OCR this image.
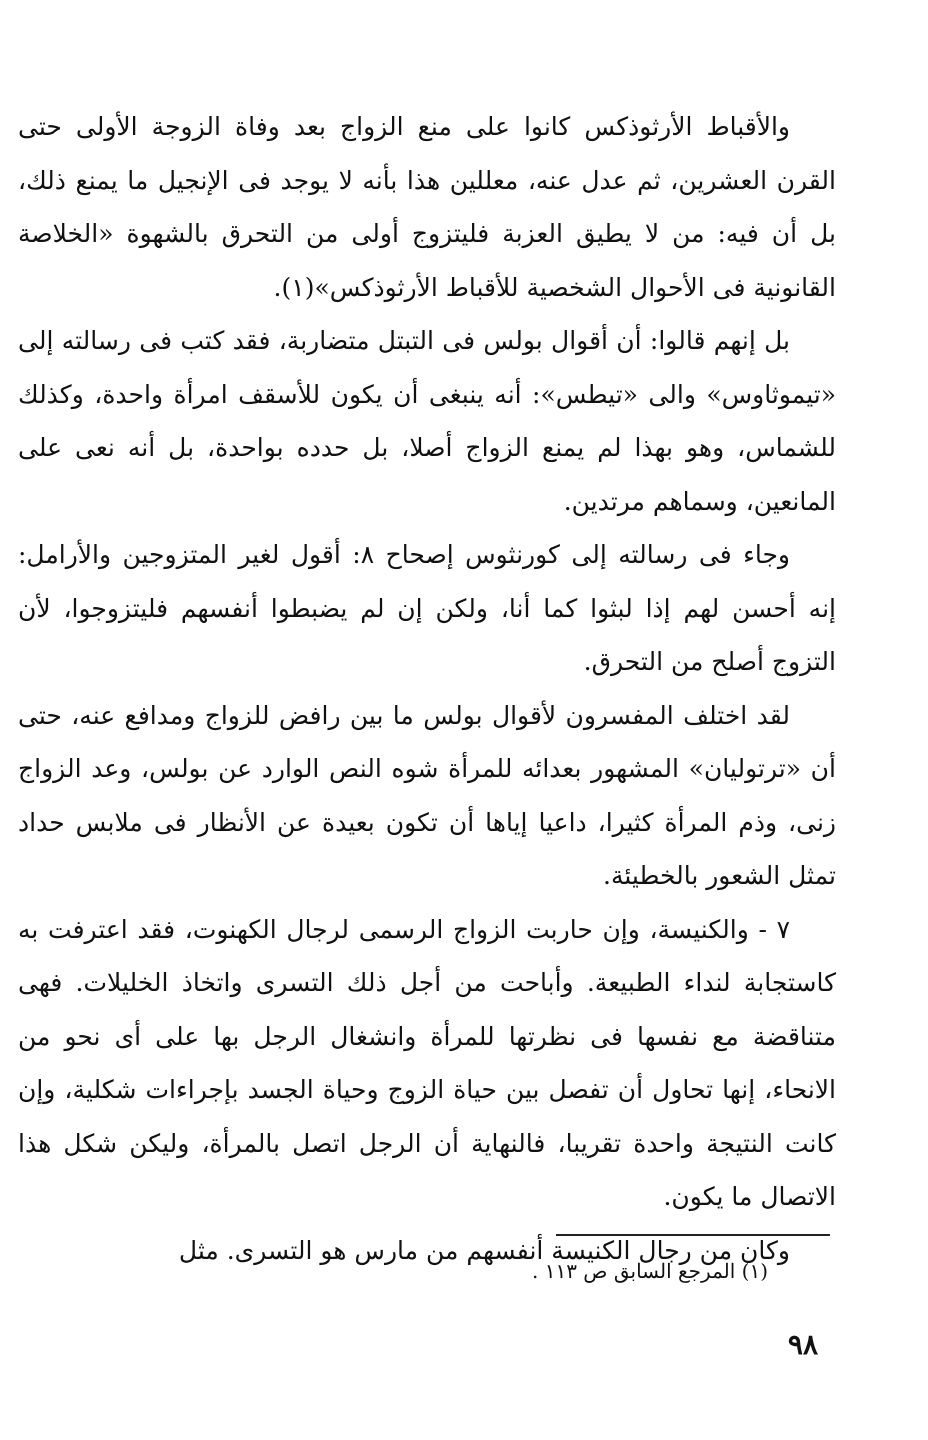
والأقباط الأرثوذكس كانوا على منع الزواج بعد وفاة الزوجة الأولى حتى القرن العشرين، ثم عدل عنه، معللين هذا بأنه لا يوجد فى الإنجيل ما يمنع ذلك، بل أن فيه: من لا يطيق العزبة فليتزوج أولى من التحرق بالشهوة «الخلاصة القانونية فى الأحوال الشخصية للأقباط الأرثوذكس»(١).

بل إنهم قالوا: أن أقوال بولس فى التبتل متضاربة، فقد كتب فى رسالته إلى «تيموثاوس» والى «تيطس»: أنه ينبغى أن يكون للأسقف امرأة واحدة، وكذلك للشماس، وهو بهذا لم يمنع الزواج أصلا، بل حدده بواحدة، بل أنه نعى على المانعين، وسماهم مرتدين.

وجاء فى رسالته إلى كورنثوس إصحاح ٨: أقول لغير المتزوجين والأرامل: إنه أحسن لهم إذا لبثوا كما أنا، ولكن إن لم يضبطوا أنفسهم فليتزوجوا، لأن التزوج أصلح من التحرق.

لقد اختلف المفسرون لأقوال بولس ما بين رافض للزواج ومدافع عنه، حتى أن «ترتوليان» المشهور بعدائه للمرأة شوه النص الوارد عن بولس، وعد الزواج زنى، وذم المرأة كثيرا، داعيا إياها أن تكون بعيدة عن الأنظار فى ملابس حداد تمثل الشعور بالخطيئة.

٧ - والكنيسة، وإن حاربت الزواج الرسمى لرجال الكهنوت، فقد اعترفت به كاستجابة لنداء الطبيعة. وأباحت من أجل ذلك التسرى واتخاذ الخليلات. فهى متناقضة مع نفسها فى نظرتها للمرأة وانشغال الرجل بها على أى نحو من الانحاء، إنها تحاول أن تفصل بين حياة الزوج وحياة الجسد بإجراءات شكلية، وإن كانت النتيجة واحدة تقريبا، فالنهاية أن الرجل اتصل بالمرأة، وليكن شكل هذا الاتصال ما يكون.

وكان من رجال الكنيسة أنفسهم من مارس هو التسرى. مثل

(١) المرجع السابق ص ١١٣ .
٩٨
